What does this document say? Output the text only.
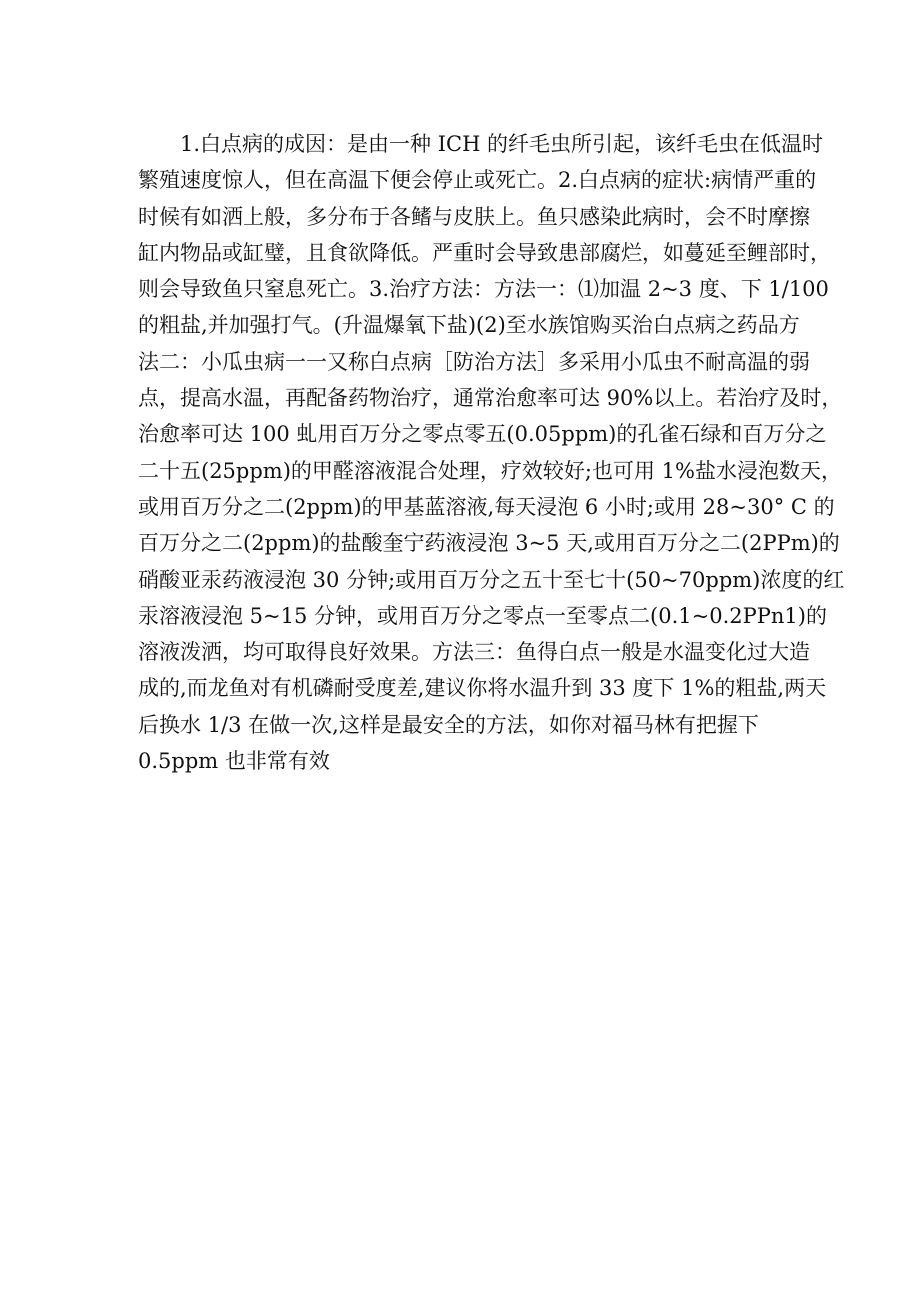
1.白点病的成因：是由一种 ICH 的纤毛虫所引起，该纤毛虫在低温时
繁殖速度惊人，但在高温下便会停止或死亡。2.白点病的症状:病情严重的
时候有如洒上般，多分布于各鳍与皮肤上。鱼只感染此病时，会不时摩擦
缸内物品或缸璧，且食欲降低。严重时会导致患部腐烂，如蔓延至鲤部时，
则会导致鱼只窒息死亡。3.治疗方法：方法一：⑴加温 2~3 度、下 1/100
的粗盐,并加强打气。(升温爆氧下盐)(2)至水族馆购买治白点病之药品方
法二：小瓜虫病一一又称白点病［防治方法］多采用小瓜虫不耐高温的弱
点，提高水温，再配备药物治疗，通常治愈率可达 90%以上。若治疗及时，
治愈率可达 100 虬用百万分之零点零五(0.05ppm)的孔雀石绿和百万分之
二十五(25ppm)的甲醛溶液混合处理，疗效较好;也可用 1%盐水浸泡数天，
或用百万分之二(2ppm)的甲基蓝溶液,每天浸泡 6 小时;或用 28~30° C 的
百万分之二(2ppm)的盐酸奎宁药液浸泡 3~5 天,或用百万分之二(2PPm)的
硝酸亚汞药液浸泡 30 分钟;或用百万分之五十至七十(50~70ppm)浓度的红
汞溶液浸泡 5~15 分钟，或用百万分之零点一至零点二(0.1~0.2PPn1)的
溶液泼洒，均可取得良好效果。方法三：鱼得白点一般是水温变化过大造
成的,而龙鱼对有机磷耐受度差,建议你将水温升到 33 度下 1%的粗盐,两天
后换水 1/3 在做一次,这样是最安全的方法，如你对福马林有把握下
0.5ppm 也非常有效
